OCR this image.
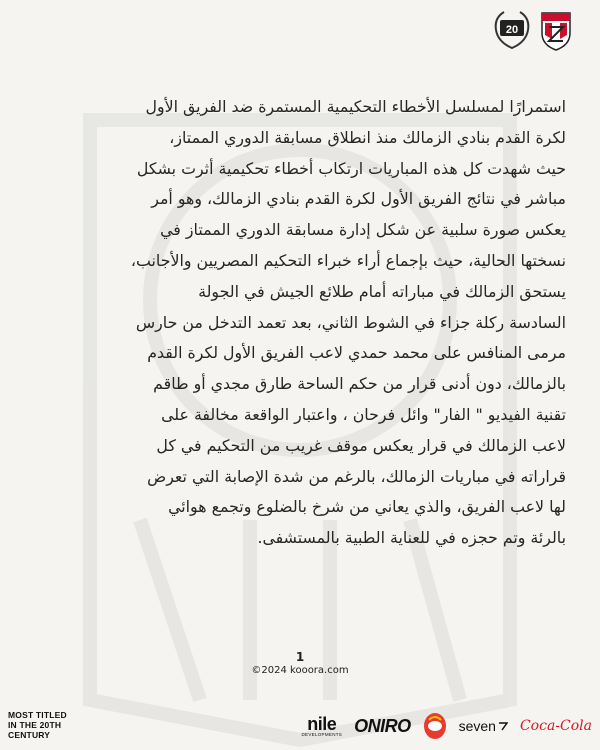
20
استمرارًا لمسلسل الأخطاء التحكيمية المستمرة ضد الفريق الأول
لكرة القدم بنادي الزمالك منذ انطلاق مسابقة الدوري الممتاز،
حيث شهدت كل هذه المباريات ارتكاب أخطاء تحكيمية أثرت بشكل
مباشر في نتائج الفريق الأول لكرة القدم بنادي الزمالك، وهو أمر
يعكس صورة سلبية عن شكل إدارة مسابقة الدوري الممتاز في
نسختها الحالية، حيث بإجماع أراء خبراء التحكيم المصريين والأجانب،
يستحق الزمالك في مباراته أمام طلائع الجيش في الجولة
السادسة ركلة جزاء في الشوط الثاني، بعد تعمد التدخل من حارس
مرمى المنافس على محمد حمدي لاعب الفريق الأول لكرة القدم
بالزمالك، دون أدنى قرار من حكم الساحة طارق مجدي أو طاقم
تقنية الفيديو " الفار" وائل فرحان ، واعتبار الواقعة مخالفة على
لاعب الزمالك في قرار يعكس موقف غريب من التحكيم في كل
قراراته في مباريات الزمالك، بالرغم من شدة الإصابة التي تعرض
لها لاعب الفريق، والذي يعاني من شرخ بالضلوع وتجمع هوائي
بالرئة وتم حجزه في للعناية الطبية بالمستشفى.
1
©2024 kooora.com
MOST TITLED
IN THE 20TH
CENTURY
nile
DEVELOPMENTS ONIRO	seven Coca-Cola
